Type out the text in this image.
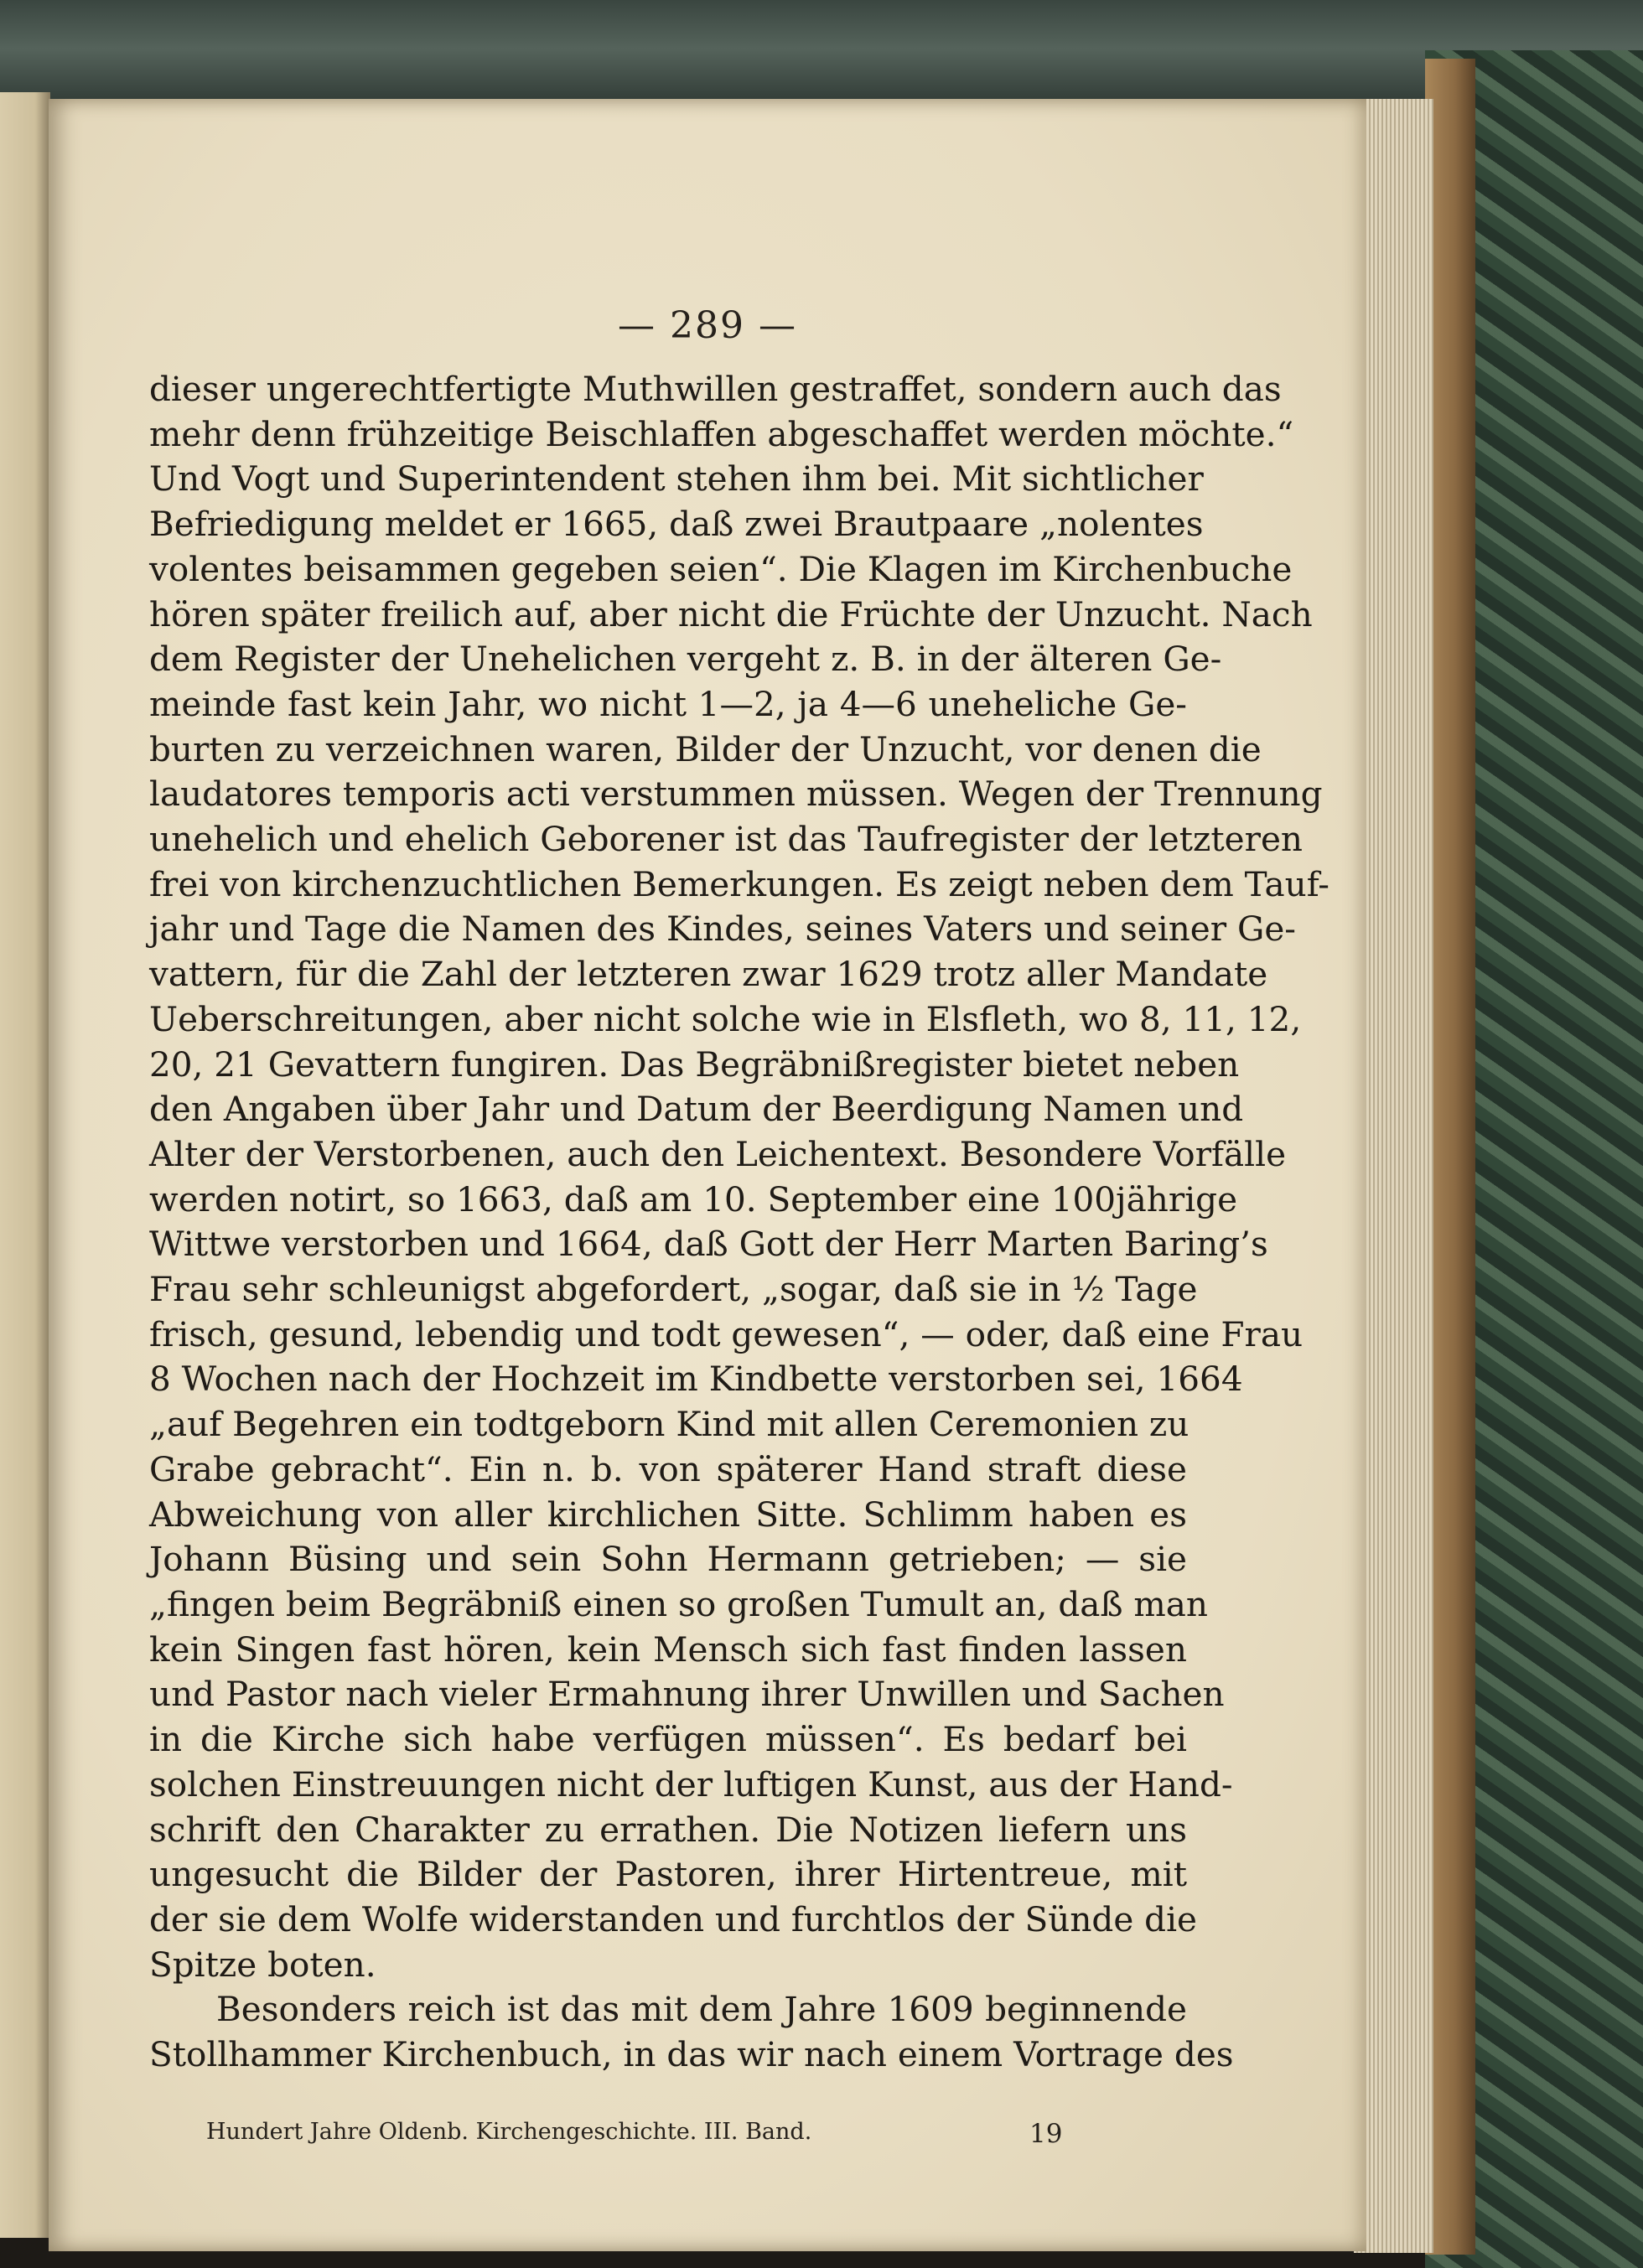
— 289 —
dieser ungerechtfertigte Muthwillen gestraffet, sondern auch das
mehr denn frühzeitige Beischlaffen abgeschaffet werden möchte.“
Und Vogt und Superintendent stehen ihm bei. Mit sichtlicher
Befriedigung meldet er 1665, daß zwei Brautpaare „nolentes
volentes beisammen gegeben seien“. Die Klagen im Kirchenbuche
hören später freilich auf, aber nicht die Früchte der Unzucht. Nach
dem Register der Unehelichen vergeht z. B. in der älteren Ge-
meinde fast kein Jahr, wo nicht 1—2, ja 4—6 uneheliche Ge-
burten zu verzeichnen waren, Bilder der Unzucht, vor denen die
laudatores temporis acti verstummen müssen. Wegen der Trennung
unehelich und ehelich Geborener ist das Taufregister der letzteren
frei von kirchenzuchtlichen Bemerkungen. Es zeigt neben dem Tauf-
jahr und Tage die Namen des Kindes, seines Vaters und seiner Ge-
vattern, für die Zahl der letzteren zwar 1629 trotz aller Mandate
Ueberschreitungen, aber nicht solche wie in Elsfleth, wo 8, 11, 12,
20, 21 Gevattern fungiren. Das Begräbnißregister bietet neben
den Angaben über Jahr und Datum der Beerdigung Namen und
Alter der Verstorbenen, auch den Leichentext. Besondere Vorfälle
werden notirt, so 1663, daß am 10. September eine 100jährige
Wittwe verstorben und 1664, daß Gott der Herr Marten Baring’s
Frau sehr schleunigst abgefordert, „sogar, daß sie in ½ Tage
frisch, gesund, lebendig und todt gewesen“, — oder, daß eine Frau
8 Wochen nach der Hochzeit im Kindbette verstorben sei, 1664
„auf Begehren ein todtgeborn Kind mit allen Ceremonien zu
Grabe gebracht“. Ein n. b. von späterer Hand straft diese
Abweichung von aller kirchlichen Sitte. Schlimm haben es
Johann Büsing und sein Sohn Hermann getrieben; — sie
„fingen beim Begräbniß einen so großen Tumult an, daß man
kein Singen fast hören, kein Mensch sich fast finden lassen
und Pastor nach vieler Ermahnung ihrer Unwillen und Sachen
in die Kirche sich habe verfügen müssen“. Es bedarf bei
solchen Einstreuungen nicht der luftigen Kunst, aus der Hand-
schrift den Charakter zu errathen. Die Notizen liefern uns
ungesucht die Bilder der Pastoren, ihrer Hirtentreue, mit
der sie dem Wolfe widerstanden und furchtlos der Sünde die
Spitze boten.
Besonders reich ist das mit dem Jahre 1609 beginnende
Stollhammer Kirchenbuch, in das wir nach einem Vortrage des
Hundert Jahre Oldenb. Kirchengeschichte. III. Band.	19
